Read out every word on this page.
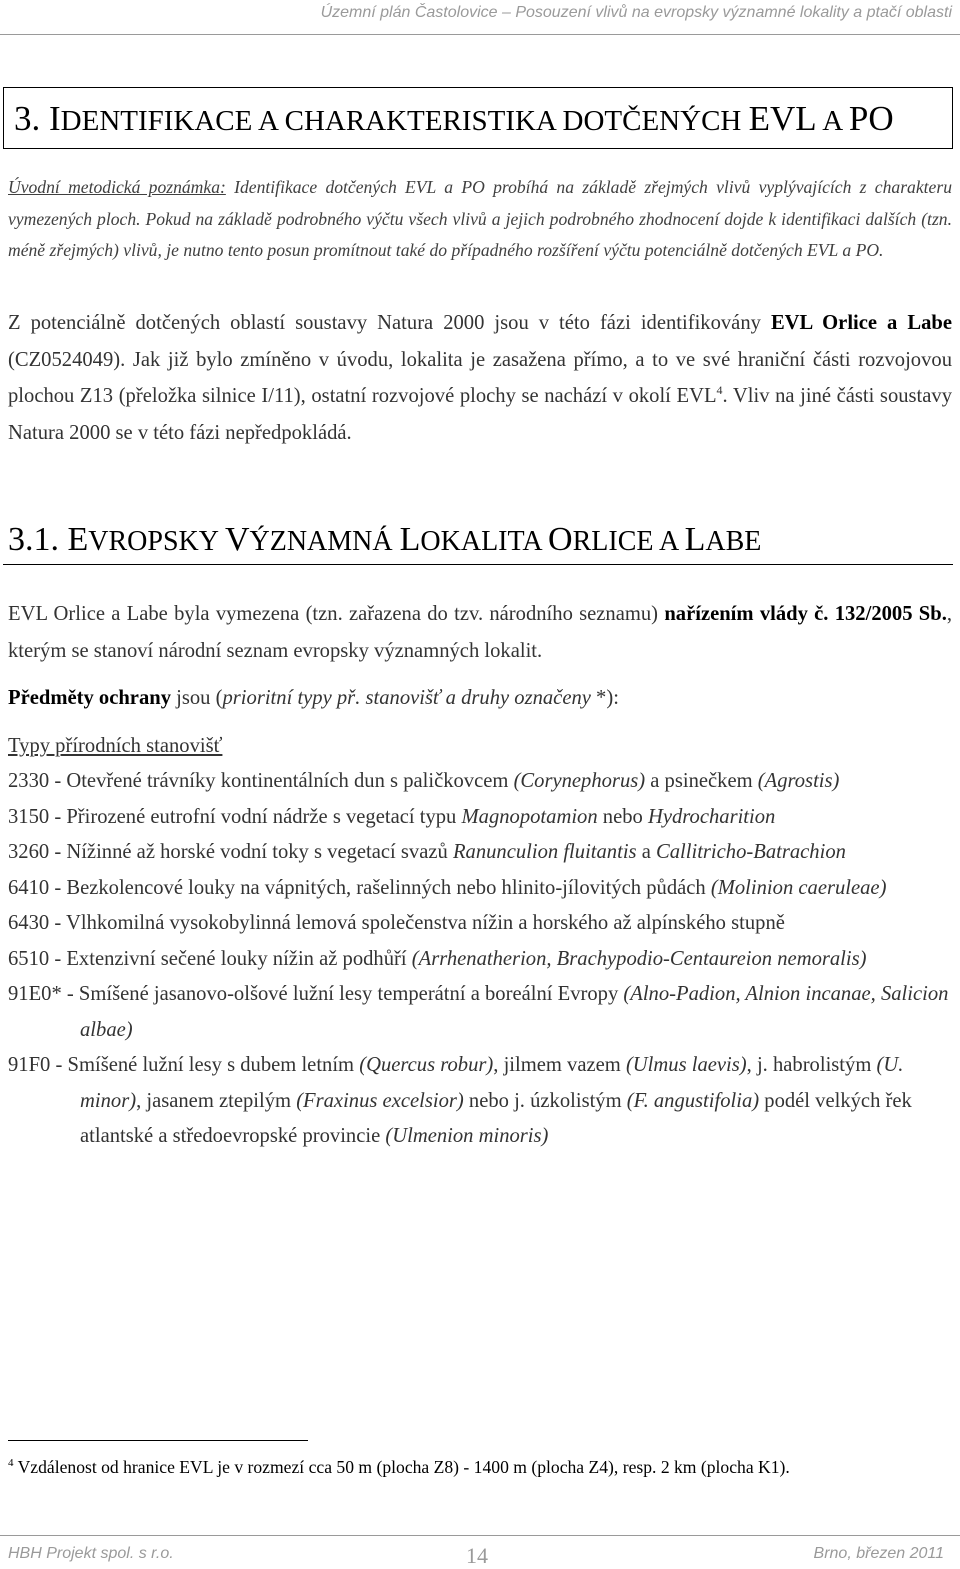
Územní plán Častolovice – Posouzení vlivů na evropsky významné lokality a ptačí oblasti
3. IDENTIFIKACE A CHARAKTERISTIKA DOTČENÝCH EVL A PO
Úvodní metodická poznámka: Identifikace dotčených EVL a PO probíhá na základě zřejmých vlivů vyplývajících z charakteru vymezených ploch. Pokud na základě podrobného výčtu všech vlivů a jejich podrobného zhodnocení dojde k identifikaci dalších (tzn. méně zřejmých) vlivů, je nutno tento posun promítnout také do případného rozšíření výčtu potenciálně dotčených EVL a PO.
Z potenciálně dotčených oblastí soustavy Natura 2000 jsou v této fázi identifikovány EVL Orlice a Labe (CZ0524049). Jak již bylo zmíněno v úvodu, lokalita je zasažena přímo, a to ve své hraniční části rozvojovou plochou Z13 (přeložka silnice I/11), ostatní rozvojové plochy se nachází v okolí EVL$^4$. Vliv na jiné části soustavy Natura 2000 se v této fázi nepředpokládá.
3.1. EVROPSKY VÝZNAMNÁ LOKALITA ORLICE A LABE
EVL Orlice a Labe byla vymezena (tzn. zařazena do tzv. národního seznamu) nařízením vlády č. 132/2005 Sb., kterým se stanoví národní seznam evropsky významných lokalit.
Předměty ochrany jsou (prioritní typy př. stanovišť a druhy označeny *):
Typy přírodních stanovišť
2330 - Otevřené trávníky kontinentálních dun s paličkovcem (Corynephorus) a psinečkem (Agrostis)
3150 - Přirozené eutrofní vodní nádrže s vegetací typu Magnopotamion nebo Hydrocharition
3260 - Nížinné až horské vodní toky s vegetací svazů Ranunculion fluitantis a Callitricho-Batrachion
6410 - Bezkolencové louky na vápnitých, rašelinných nebo hlinito-jílovitých půdách (Molinion caeruleae)
6430 - Vlhkomilná vysokobylinná lemová společenstva nížin a horského až alpínského stupně
6510 - Extenzivní sečené louky nížin až podhůří (Arrhenatherion, Brachypodio-Centaureion nemoralis)
91E0* - Smíšené jasanovo-olšové lužní lesy temperátní a boreální Evropy (Alno-Padion, Alnion incanae, Salicion albae)
91F0 - Smíšené lužní lesy s dubem letním (Quercus robur), jilmem vazem (Ulmus laevis), j. habrolistým (U. minor), jasanem ztepilým (Fraxinus excelsior) nebo j. úzkolistým (F. angustifolia) podél velkých řek atlantské a středoevropské provincie (Ulmenion minoris)
$^4$ Vzdálenost od hranice EVL je v rozmezí cca 50 m (plocha Z8) - 1400 m (plocha Z4), resp. 2 km (plocha K1).
HBH Projekt spol. s r.o.	14	Brno, březen 2011
